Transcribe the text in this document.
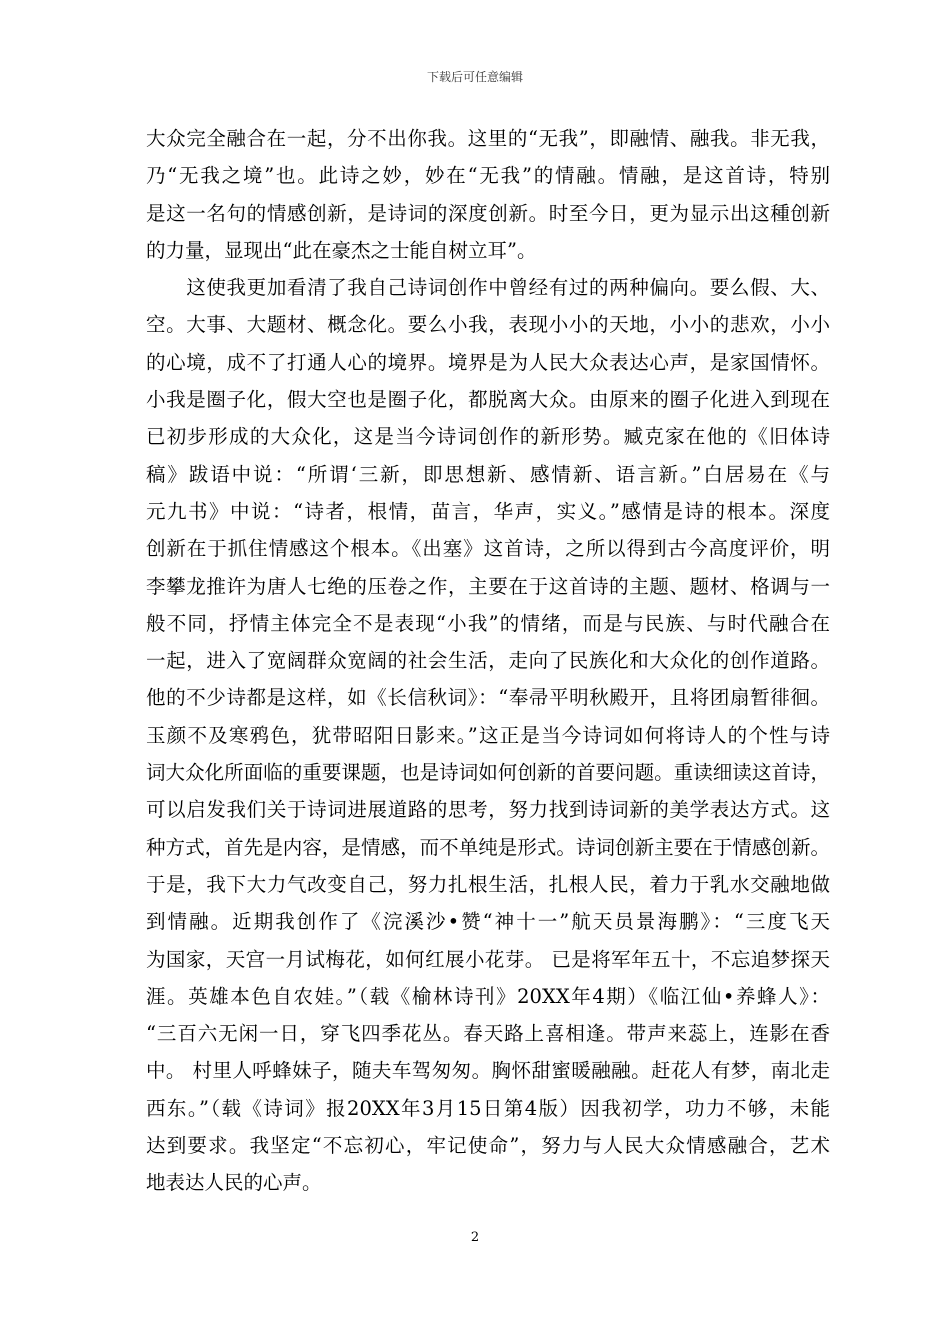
下载后可任意编辑
大众完全融合在一起，分不出你我。这里的“无我”，即融情、融我。非无我，
乃“无我之境”也。此诗之妙，妙在“无我”的情融。情融，是这首诗，特别
是这一名句的情感创新，是诗词的深度创新。时至今日，更为显示出这種创新
的力量，显现出“此在豪杰之士能自树立耳”。
　　这使我更加看清了我自己诗词创作中曾经有过的两种偏向。要么假、大、
空。大事、大题材、概念化。要么小我，表现小小的天地，小小的悲欢，小小
的心境，成不了打通人心的境界。境界是为人民大众表达心声，是家国情怀。
小我是圈子化，假大空也是圈子化，都脱离大众。由原来的圈子化进入到现在
已初步形成的大众化，这是当今诗词创作的新形势。臧克家在他的《旧体诗
稿》跋语中说：“所谓‘三新，即思想新、感情新、语言新。”白居易在《与
元九书》中说：“诗者，根情，苗言，华声，实义。”感情是诗的根本。深度
创新在于抓住情感这个根本。《出塞》这首诗，之所以得到古今高度评价，明
李攀龙推许为唐人七绝的压卷之作，主要在于这首诗的主题、题材、格调与一
般不同，抒情主体完全不是表现“小我”的情绪，而是与民族、与时代融合在
一起，进入了宽阔群众宽阔的社会生活，走向了民族化和大众化的创作道路。
他的不少诗都是这样，如《长信秋词》：“奉帚平明秋殿开，且将团扇暂徘徊。
玉颜不及寒鸦色，犹带昭阳日影来。”这正是当今诗词如何将诗人的个性与诗
词大众化所面临的重要课题，也是诗词如何创新的首要问题。重读细读这首诗，
可以启发我们关于诗词进展道路的思考，努力找到诗词新的美学表达方式。这
种方式，首先是内容，是情感，而不单纯是形式。诗词创新主要在于情感创新。
于是，我下大力气改变自己，努力扎根生活，扎根人民，着力于乳水交融地做
到情融。近期我创作了《浣溪沙•赞“神十一”航天员景海鹏》：“三度飞天
为国家，天宫一月试梅花，如何红展小花芽。 已是将军年五十，不忘追梦探天
涯。英雄本色自农娃。”（载《榆林诗刊》20XX年4期）《临江仙•养蜂人》：
“三百六无闲一日，穿飞四季花丛。春天路上喜相逢。带声来蕊上，连影在香
中。 村里人呼蜂妹子，随夫车驾匆匆。胸怀甜蜜暖融融。赶花人有梦，南北走
西东。”（载《诗词》报20XX年3月15日第4版）因我初学，功力不够，未能
达到要求。我坚定“不忘初心，牢记使命”，努力与人民大众情感融合，艺术
地表达人民的心声。
2
